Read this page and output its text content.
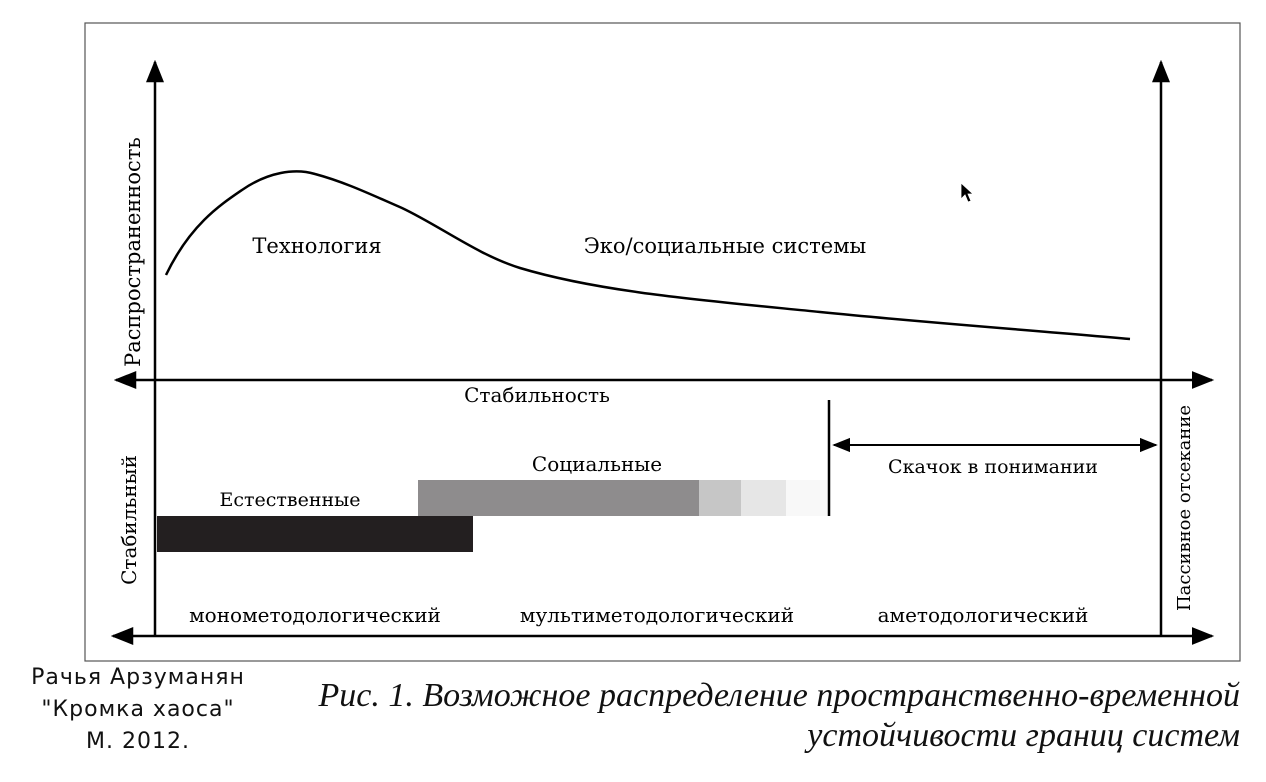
Распространенность
Стабильность
Технология	Эко/социальные системы
Стабильный	Пассивное отсекание
Естественные
Социальные	Скачок в понимании
монометодологический	мультиметодологический	аметодологический
Рачья Арзуманян
"Кромка хаоса"
М. 2012.
Рис. 1. Возможное распределение пространственно-временной
устойчивости границ систем
